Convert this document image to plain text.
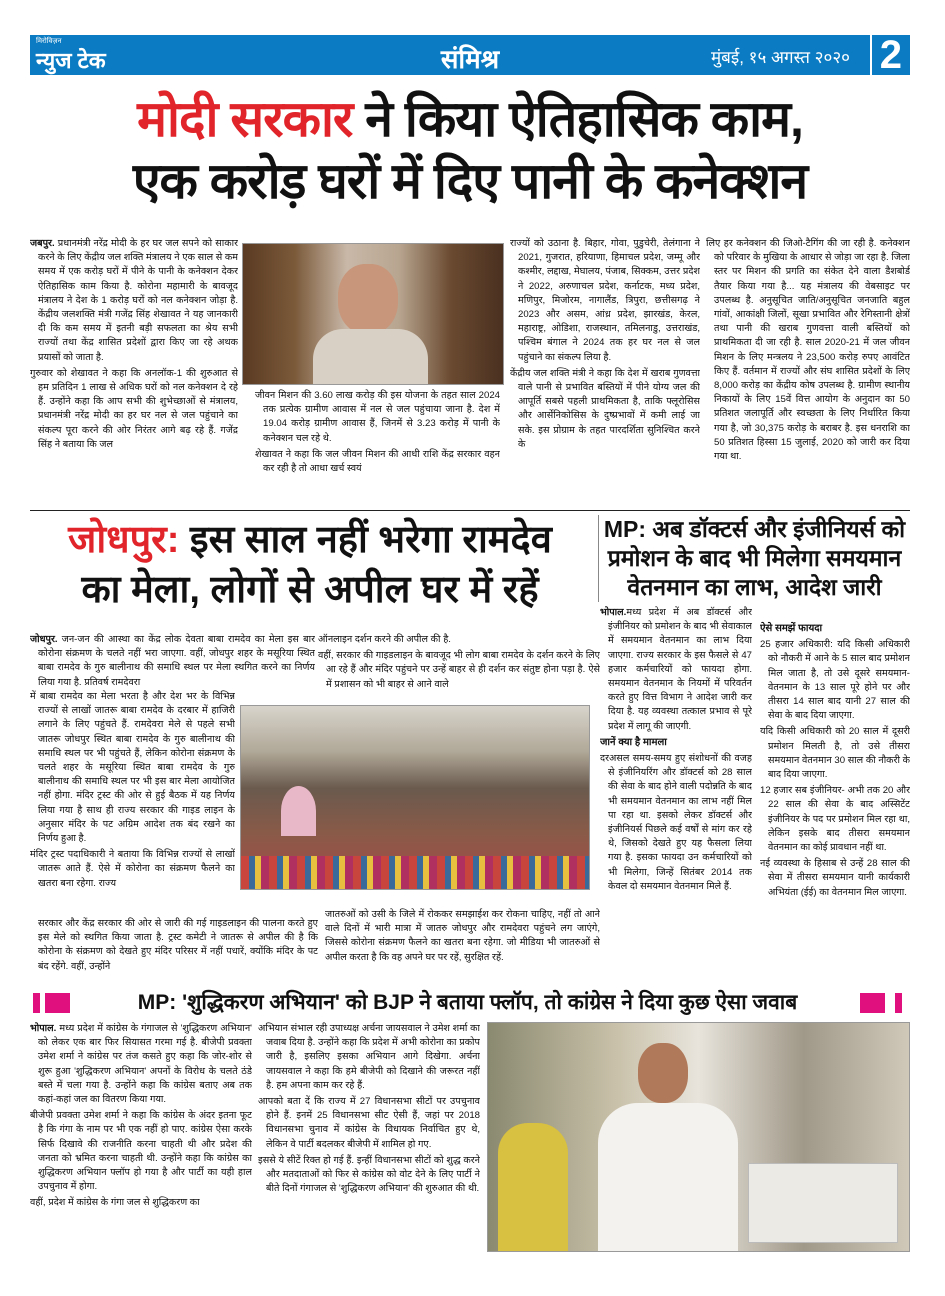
मिरोविज़न
न्युज टेक	संमिश्र	मुंबई, १५ अगस्त २०२० 2
मोदी सरकार ने किया ऐतिहासिक काम,
एक करोड़ घरों में दिए पानी के कनेक्शन

जबपुर. प्रधानमंत्री नरेंद्र मोदी के हर घर जल सपने को साकार करने के लिए केंद्रीय जल शक्ति मंत्रालय ने एक साल से कम समय में एक करोड़ घरों में पीने के पानी के कनेक्शन देकर ऐतिहासिक काम किया है. कोरोना महामारी के बावजूद मंत्रालय ने देश के 1 करोड़ घरों को नल कनेक्शन जोड़ा है. केंद्रीय जलशक्ति मंत्री गजेंद्र सिंह शेखावत ने यह जानकारी दी कि कम समय में इतनी बड़ी सफलता का श्रेय सभी राज्यों तथा केंद्र शासित प्रदेशों द्वारा किए जा रहे अथक प्रयासों को जाता है.

गुरुवार को शेखावत ने कहा कि अनलॉक-1 की शुरुआत से हम प्रतिदिन 1 लाख से अधिक घरों को नल कनेक्शन दे रहे हैं. उन्होंने कहा कि आप सभी की शुभेच्छाओं से मंत्रालय, प्रधानमंत्री नरेंद्र मोदी का हर घर नल से जल पहुंचाने का संकल्प पूरा करने की ओर निरंतर आगे बढ़ रहे हैं. गजेंद्र सिंह ने बताया कि जल

जीवन मिशन की 3.60 लाख करोड़ की इस योजना के तहत साल 2024 तक प्रत्येक ग्रामीण आवास में नल से जल पहुंचाया जाना है. देश में 19.04 करोड़ ग्रामीण आवास हैं, जिनमें से 3.23 करोड़ में पानी के कनेक्शन चल रहे थे.

शेखावत ने कहा कि जल जीवन मिशन की आधी राशि केंद्र सरकार वहन कर रही है तो आधा खर्च स्वयं

राज्यों को उठाना है. बिहार, गोवा, पुडुचेरी, तेलंगाना ने 2021, गुजरात, हरियाणा, हिमाचल प्रदेश, जम्मू और कश्मीर, लद्दाख, मेघालय, पंजाब, सिक्कम, उत्तर प्रदेश ने 2022, अरुणाचल प्रदेश, कर्नाटक, मध्य प्रदेश, मणिपुर, मिजोरम, नागालैंड, त्रिपुरा, छत्तीसगढ़ ने 2023 और असम, आंध्र प्रदेश, झारखंड, केरल, महाराष्ट्र, ओडिशा, राजस्थान, तमिलनाडु, उत्तराखंड, पश्चिम बंगाल ने 2024 तक हर घर नल से जल पहुंचाने का संकल्प लिया है.

केंद्रीय जल शक्ति मंत्री ने कहा कि देश में खराब गुणवत्ता वाले पानी से प्रभावित बस्तियों में पीने योग्य जल की आपूर्ति सबसे पहली प्राथमिकता है, ताकि फ्लूरोसिस और आर्सेनिकोसिस के दुष्प्रभावों में कमी लाई जा सके. इस प्रोग्राम के तहत पारदर्शिता सुनिश्चित करने के

लिए हर कनेक्शन की जिओ-टैगिंग की जा रही है. कनेक्शन को परिवार के मुखिया के आधार से जोड़ा जा रहा है. जिला स्तर पर मिशन की प्रगति का संकेत देने वाला डैशबोर्ड तैयार किया गया है... यह मंत्रालय की वेबसाइट पर उपलब्ध है. अनुसूचित जाति/अनुसूचित जनजाति बहुल गांवों, आकांक्षी जिलों, सूखा प्रभावित और रेगिस्तानी क्षेत्रों तथा पानी की खराब गुणवत्ता वाली बस्तियों को प्राथमिकता दी जा रही है. साल 2020-21 में जल जीवन मिशन के लिए मन्त्रलय ने 23,500 करोड़ रुपए आवंटित किए हैं. वर्तमान में राज्यों और संघ शासित प्रदेशों के लिए 8,000 करोड़ का केंद्रीय कोष उपलब्ध है. ग्रामीण स्थानीय निकायों के लिए 15वें वित्त आयोग के अनुदान का 50 प्रतिशत जलापूर्ति और स्वच्छता के लिए निर्धारित किया गया है, जो 30,375 करोड़ के बराबर है. इस धनराशि का 50 प्रतिशत हिस्सा 15 जुलाई, 2020 को जारी कर दिया गया था.

जोधपुर: इस साल नहीं भरेगा रामदेव
का मेला, लोगों से अपील घर में रहें

जोधपुर. जन-जन की आस्था का केंद्र लोक देवता बाबा रामदेव का मेला इस बार कोरोना संक्रमण के चलते नहीं भरा जाएगा. वहीं, जोधपुर शहर के मसूरिया स्थित बाबा रामदेव के गुरु बालीनाथ की समाधि स्थल पर मेला स्थगित करने का निर्णय लिया गया है. प्रतिवर्ष रामदेवरा

में बाबा रामदेव का मेला भरता है और देश भर के विभिन्न राज्यों से लाखों जातरू बाबा रामदेव के दरबार में हाजिरी लगाने के लिए पहुंचते हैं. रामदेवरा मेले से पहले सभी जातरू जोधपुर स्थित बाबा रामदेव के गुरु बालीनाथ की समाधि स्थल पर भी पहुंचते हैं, लेकिन कोरोना संक्रमण के चलते शहर के मसूरिया स्थित बाबा रामदेव के गुरु बालीनाथ की समाधि स्थल पर भी इस बार मेला आयोजित नहीं होगा. मंदिर ट्रस्ट की ओर से हुई बैठक में यह निर्णय लिया गया है साथ ही राज्य सरकार की गाइड लाइन के अनुसार मंदिर के पट अग्रिम आदेश तक बंद रखने का निर्णय हुआ है.

मंदिर ट्रस्ट पदाधिकारी ने बताया कि विभिन्न राज्यों से लाखों जातरू आते हैं. ऐसे में कोरोना का संक्रमण फैलने का खतरा बना रहेगा. राज्य

सरकार और केंद्र सरकार की ओर से जारी की गई गाइडलाइन की पालना करते हुए इस मेले को स्थगित किया जाता है. ट्रस्ट कमेटी ने जातरू से अपील की है कि कोरोना के संक्रमण को देखते हुए मंदिर परिसर में नहीं पधारें, क्योंकि मंदिर के पट बंद रहेंगे. वहीं, उन्होंने

ऑनलाइन दर्शन करने की अपील की है.

वहीं, सरकार की गाइडलाइन के बावजूद भी लोग बाबा रामदेव के दर्शन करने के लिए आ रहे हैं और मंदिर पहुंचने पर उन्हें बाहर से ही दर्शन कर संतुष्ट होना पड़ा है. ऐसे में प्रशासन को भी बाहर से आने वाले

जातरुओं को उसी के जिले में रोककर समझाईश कर रोकना चाहिए, नहीं तो आने वाले दिनों में भारी मात्रा में जातरु जोधपुर और रामदेवरा पहुंचने लग जाएंगे, जिससे कोरोना संक्रमण फैलने का खतरा बना रहेगा. जो मीडिया भी जातरुओं से अपील करता है कि वह अपने घर पर रहें, सुरक्षित रहें.

MP: अब डॉक्टर्स और इंजीनियर्स को
प्रमोशन के बाद भी मिलेगा समयमान
वेतनमान का लाभ, आदेश जारी

भोपाल.मध्य प्रदेश में अब डॉक्टर्स और इंजीनियर को प्रमोशन के बाद भी सेवाकाल में समयमान वेतनमान का लाभ दिया जाएगा. राज्य सरकार के इस फैसले से 47 हजार कर्मचारियों को फायदा होगा. समयमान वेतनमान के नियमों में परिवर्तन करते हुए वित्त विभाग ने आदेश जारी कर दिया है. यह व्यवस्था तत्काल प्रभाव से पूरे प्रदेश में लागू की जाएगी.

जानें क्या है मामला

दरअसल समय-समय हुए संशोधनों की वजह से इंजीनियरिंग और डॉक्टर्स को 28 साल की सेवा के बाद होने वाली पदोन्नति के बाद भी समयमान वेतनमान का लाभ नहीं मिल पा रहा था. इसको लेकर डॉक्टर्स और इंजीनियर्स पिछले कई वर्षों से मांग कर रहे थे, जिसको देखते हुए यह फैसला लिया गया है. इसका फायदा उन कर्मचारियों को भी मिलेगा, जिन्हें सितंबर 2014 तक केवल दो समयमान वेतनमान मिले हैं.

ऐसे समझें फायदा

25 हजार अधिकारी: यदि किसी अधिकारी को नौकरी में आने के 5 साल बाद प्रमोशन मिल जाता है, तो उसे दूसरे समयमान-वेतनमान के 13 साल पूरे होने पर और तीसरा 14 साल बाद यानी 27 साल की सेवा के बाद दिया जाएगा.

यदि किसी अधिकारी को 20 साल में दूसरी प्रमोशन मिलती है, तो उसे तीसरा समयमान वेतनमान 30 साल की नौकरी के बाद दिया जाएगा.

12 हजार सब इंजीनियर- अभी तक 20 और 22 साल की सेवा के बाद अस्सिटेंट इंजीनियर के पद पर प्रमोशन मिल रहा था, लेकिन इसके बाद तीसरा समयमान वेतनमान का कोई प्रावधान नहीं था.

नई व्यवस्था के हिसाब से उन्हें 28 साल की सेवा में तीसरा समयमान यानी कार्यकारी अभियंता (ईई) का वेतनमान मिल जाएगा.

MP: 'शुद्धिकरण अभियान' को BJP ने बताया फ्लॉप, तो कांग्रेस ने दिया कुछ ऐसा जवाब

भोपाल. मध्य प्रदेश में कांग्रेस के गंगाजल से 'शुद्धिकरण अभियान' को लेकर एक बार फिर सियासत गरमा गई है. बीजेपी प्रवक्ता उमेश शर्मा ने कांग्रेस पर तंज कसते हुए कहा कि जोर-शोर से शुरू हुआ 'शुद्धिकरण अभियान' अपनों के विरोध के चलते ठंडे बस्ते में चला गया है. उन्होंने कहा कि कांग्रेस बताए अब तक कहां-कहां जल का वितरण किया गया.

बीजेपी प्रवक्ता उमेश शर्मा ने कहा कि कांग्रेस के अंदर इतना फूट है कि गंगा के नाम पर भी एक नहीं हो पाए. कांग्रेस ऐसा करके सिर्फ दिखावे की राजनीति करना चाहती थी और प्रदेश की जनता को भ्रमित करना चाहती थी. उन्होंने कहा कि कांग्रेस का शुद्धिकरण अभियान फ्लॉप हो गया है और पार्टी का यही हाल उपचुनाव में होगा.

वहीं, प्रदेश में कांग्रेस के गंगा जल से शुद्धिकरण का

अभियान संभाल रही उपाध्यक्ष अर्चना जायसवाल ने उमेश शर्मा का जवाब दिया है. उन्होंने कहा कि प्रदेश में अभी कोरोना का प्रकोप जारी है, इसलिए इसका अभियान आगे दिखेगा. अर्चना जायसवाल ने कहा कि हमे बीजेपी को दिखाने की जरूरत नहीं है. हम अपना काम कर रहे हैं.

आपको बता दें कि राज्य में 27 विधानसभा सीटों पर उपचुनाव होने हैं. इनमें 25 विधानसभा सीट ऐसी हैं, जहां पर 2018 विधानसभा चुनाव में कांग्रेस के विधायक निर्वाचित हुए थे, लेकिन वे पार्टी बदलकर बीजेपी में शामिल हो गए.

इससे ये सीटें रिक्त हो गई हैं. इन्हीं विधानसभा सीटों को शुद्ध करने और मतदाताओं को फिर से कांग्रेस को वोट देने के लिए पार्टी ने बीते दिनों गंगाजल से 'शुद्धिकरण अभियान' की शुरुआत की थी.
